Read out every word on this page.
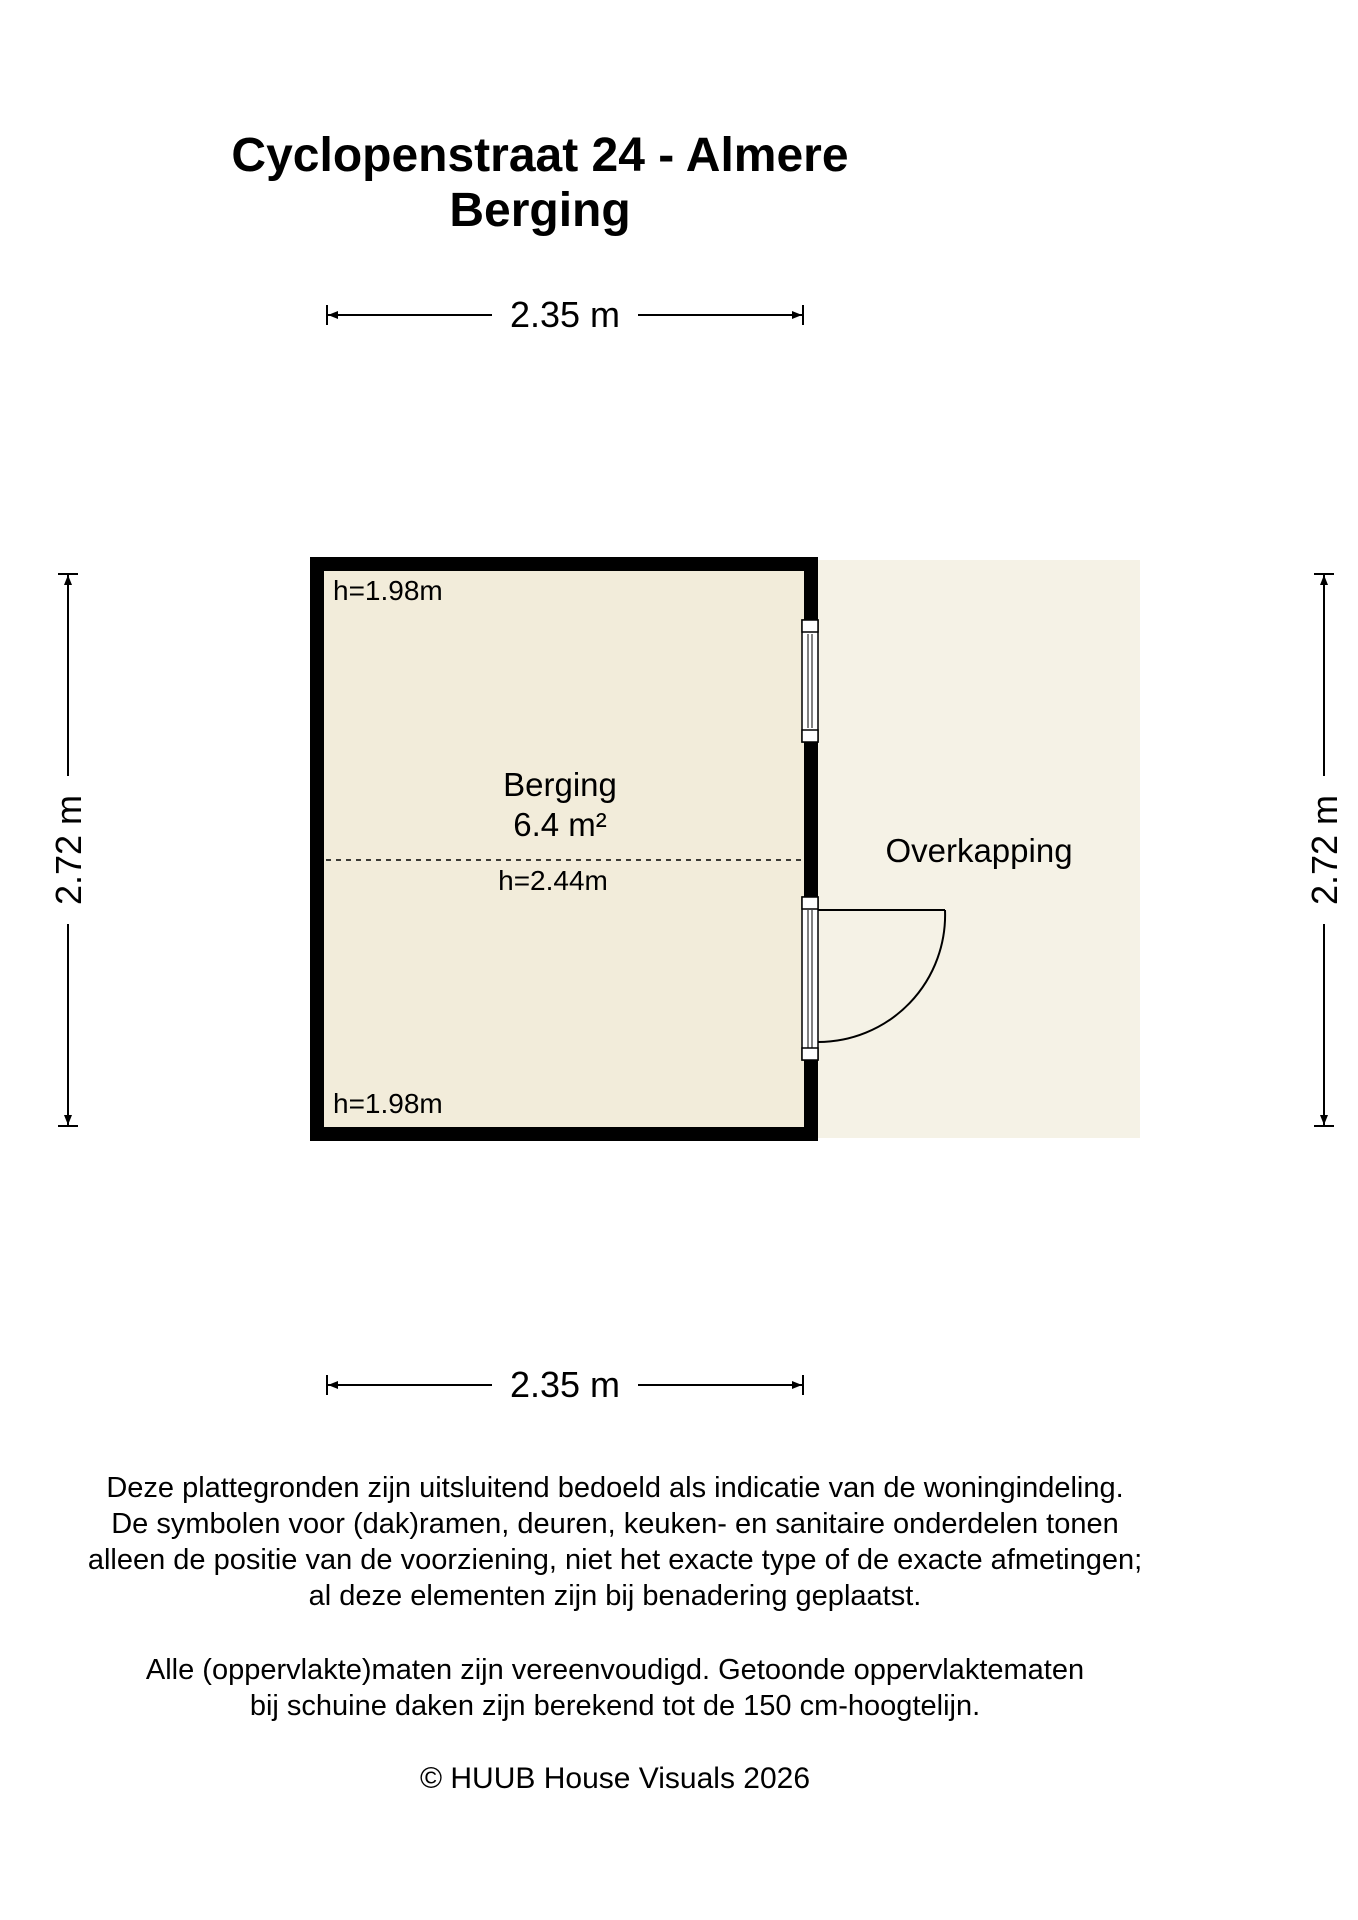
Cyclopenstraat 24 - Almere
Berging
2.35 m
2.35 m
2.72 m	2.72 m
h=1.98m
h=1.98m
h=2.44m
Berging
6.4 m²
Overkapping

Deze plattegronden zijn uitsluitend bedoeld als indicatie van de woningindeling.

De symbolen voor (dak)ramen, deuren, keuken- en sanitaire onderdelen tonen

alleen de positie van de voorziening, niet het exacte type of de exacte afmetingen;

al deze elementen zijn bij benadering geplaatst.

Alle (oppervlakte)maten zijn vereenvoudigd. Getoonde oppervlaktematen

bij schuine daken zijn berekend tot de 150 cm-hoogtelijn.

© HUUB House Visuals 2026
